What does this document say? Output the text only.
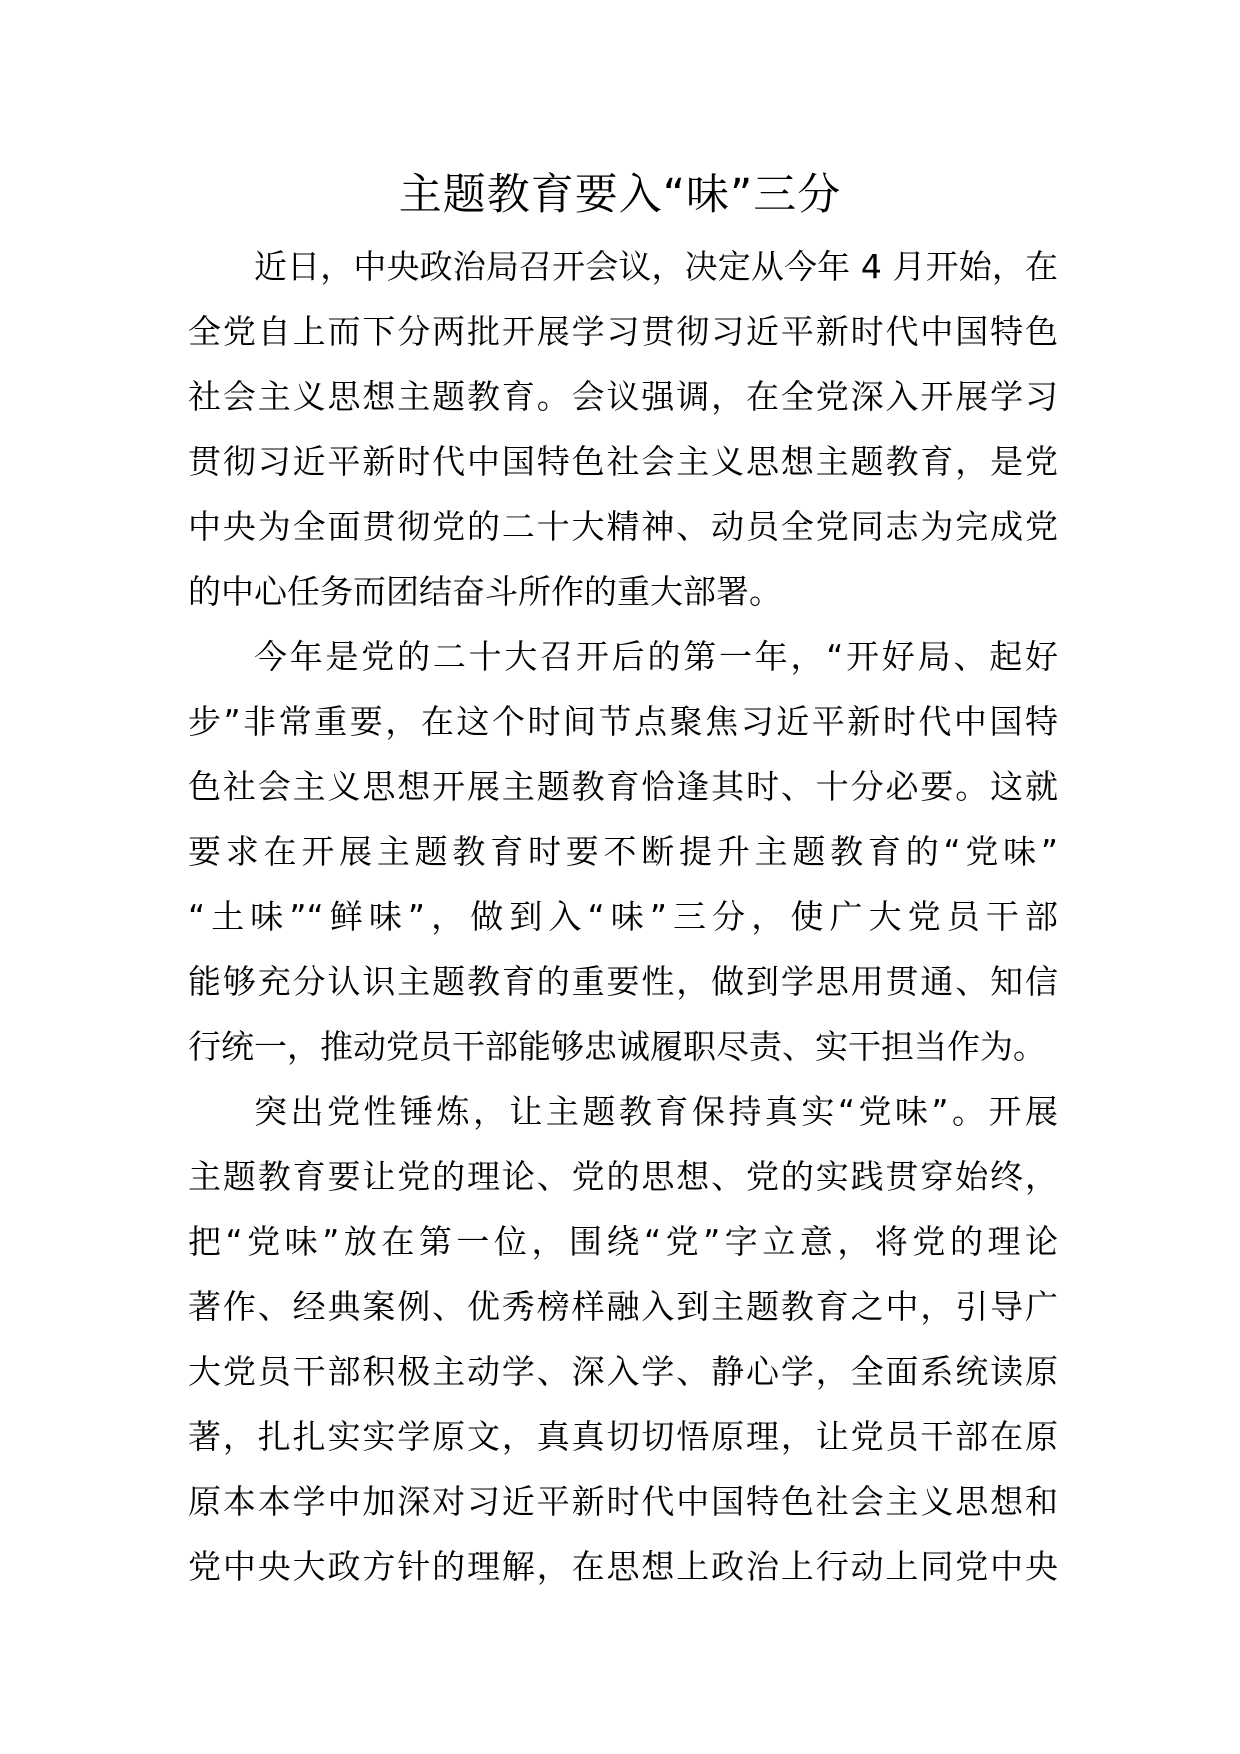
主题教育要入“味”三分
近日，中央政治局召开会议，决定从今年 4 月开始，在
全党自上而下分两批开展学习贯彻习近平新时代中国特色
社会主义思想主题教育。会议强调，在全党深入开展学习
贯彻习近平新时代中国特色社会主义思想主题教育，是党
中央为全面贯彻党的二十大精神、动员全党同志为完成党
的中心任务而团结奋斗所作的重大部署。
今年是党的二十大召开后的第一年，“开好局、起好
步”非常重要，在这个时间节点聚焦习近平新时代中国特
色社会主义思想开展主题教育恰逢其时、十分必要。这就
要求在开展主题教育时要不断提升主题教育的“党味”
“土味”“鲜味”，做到入“味”三分，使广大党员干部
能够充分认识主题教育的重要性，做到学思用贯通、知信
行统一，推动党员干部能够忠诚履职尽责、实干担当作为。
突出党性锤炼，让主题教育保持真实“党味”。开展
主题教育要让党的理论、党的思想、党的实践贯穿始终，
把“党味”放在第一位，围绕“党”字立意，将党的理论
著作、经典案例、优秀榜样融入到主题教育之中，引导广
大党员干部积极主动学、深入学、静心学，全面系统读原
著，扎扎实实学原文，真真切切悟原理，让党员干部在原
原本本学中加深对习近平新时代中国特色社会主义思想和
党中央大政方针的理解，在思想上政治上行动上同党中央
